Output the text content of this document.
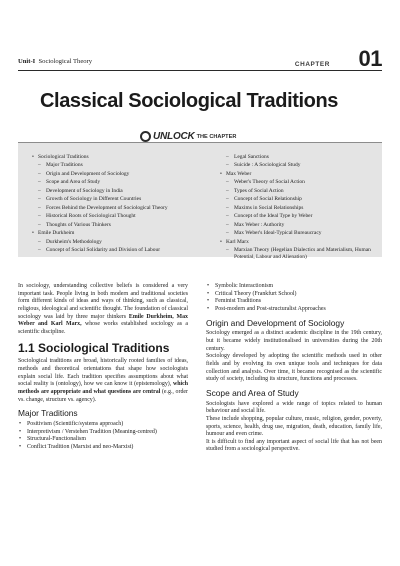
Unit-I Sociological Theory	CHAPTER 01
Classical Sociological Traditions
UNLOCK THE CHAPTER
• Sociological Traditions
– Major Traditions
– Origin and Development of Sociology
– Scope and Area of Study
– Development of Sociology in India
– Growth of Sociology in Different Countries
– Forces Behind the Development of Sociological Theory
– Historical Roots of Sociological Thought
– Thoughts of Various Thinkers
• Emile Durkheim
– Durkheim's Methodology
– Concept of Social Solidarity and Division of Labour
– Legal Sanctions
– Suicide : A Sociological Study
• Max Weber
– Weber's Theory of Social Action
– Types of Social Action
– Concept of Social Relationship
– Maxims in Social Relationships
– Concept of the Ideal Type by Weber
– Max Weber : Authority
– Max Weber's Ideal-Typical Bureaucracy
• Karl Marx
– Marxian Theory (Hegelian Dialectics and Materialism, Human Potential, Labour and Alienation)

In sociology, understanding collective beliefs is considered a very important task. People living in both modern and traditional societies form different kinds of ideas and ways of thinking, such as classical, religious, ideological and scientific thought. The foundation of classical sociology was laid by three major thinkers Emile Durkheim, Max Weber and Karl Marx, whose works established sociology as a scientific discipline.

1.1 Sociological Traditions

Sociological traditions are broad, historically rooted families of ideas, methods and theoretical orientations that shape how sociologists explain social life. Each tradition specifies assumptions about what social reality is (ontology), how we can know it (epistemology), which methods are appropriate and what questions are central (e.g., order vs. change, structure vs. agency).

Major Traditions
• Positivism (Scientific/systems approach)
• Interpretivism / Verstehen Tradition (Meaning-centred)
• Structural-Functionalism
• Conflict Tradition (Marxist and neo-Marxist)
• Symbolic Interactionism
• Critical Theory (Frankfurt School)
• Feminist Traditions
• Post-modern and Post-structuralist Approaches
Origin and Development of Sociology

Sociology emerged as a distinct academic discipline in the 19th century, but it became widely institutionalised in universities during the 20th century.

Sociology developed by adopting the scientific methods used in other fields and by evolving its own unique tools and techniques for data collection and analysis. Over time, it became recognised as the scientific study of society, including its structure, functions and processes.

Scope and Area of Study

Sociologists have explored a wide range of topics related to human behaviour and social life.

These include shopping, popular culture, music, religion, gender, poverty, sports, science, health, drug use, migration, death, education, family life, humour and even crime.

It is difficult to find any important aspect of social life that has not been studied from a sociological perspective.
